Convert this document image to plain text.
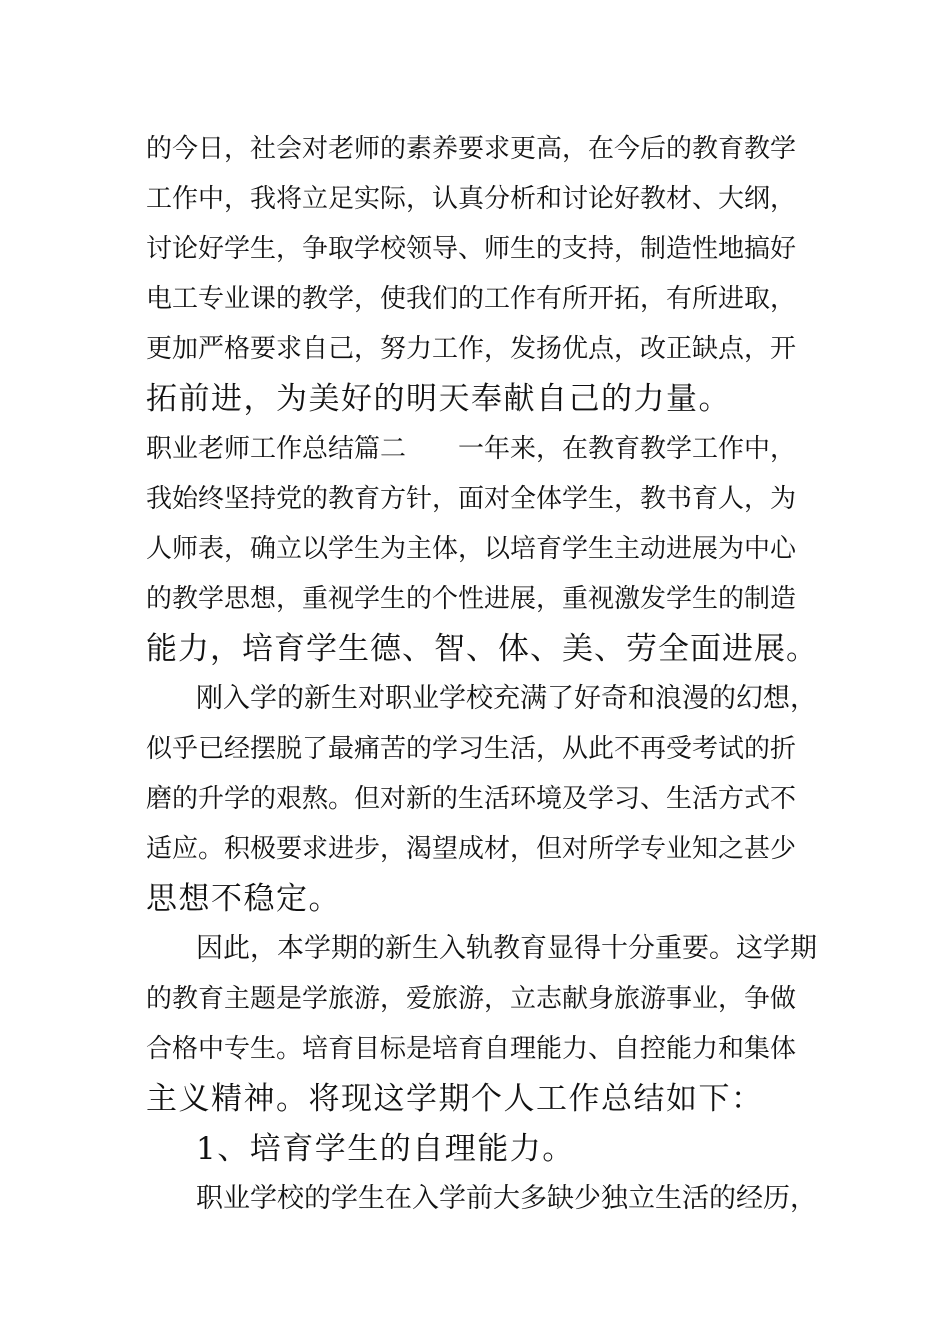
的今日，社会对老师的素养要求更高，在今后的教育教学
工作中，我将立足实际，认真分析和讨论好教材、大纲，
讨论好学生，争取学校领导、师生的支持，制造性地搞好
电工专业课的教学，使我们的工作有所开拓，有所进取，
更加严格要求自己，努力工作，发扬优点，改正缺点，开
拓前进，为美好的明天奉献自己的力量。
职业老师工作总结篇二　　一年来，在教育教学工作中，
我始终坚持党的教育方针，面对全体学生，教书育人，为
人师表，确立以学生为主体，以培育学生主动进展为中心
的教学思想，重视学生的个性进展，重视激发学生的制造
能力，培育学生德、智、体、美、劳全面进展。
刚入学的新生对职业学校充满了好奇和浪漫的幻想，
似乎已经摆脱了最痛苦的学习生活，从此不再受考试的折
磨的升学的艰熬。但对新的生活环境及学习、生活方式不
适应。积极要求进步，渴望成材，但对所学专业知之甚少
思想不稳定。
因此，本学期的新生入轨教育显得十分重要。这学期
的教育主题是学旅游，爱旅游，立志献身旅游事业，争做
合格中专生。培育目标是培育自理能力、自控能力和集体
主义精神。将现这学期个人工作总结如下：
1、培育学生的自理能力。
职业学校的学生在入学前大多缺少独立生活的经历，
